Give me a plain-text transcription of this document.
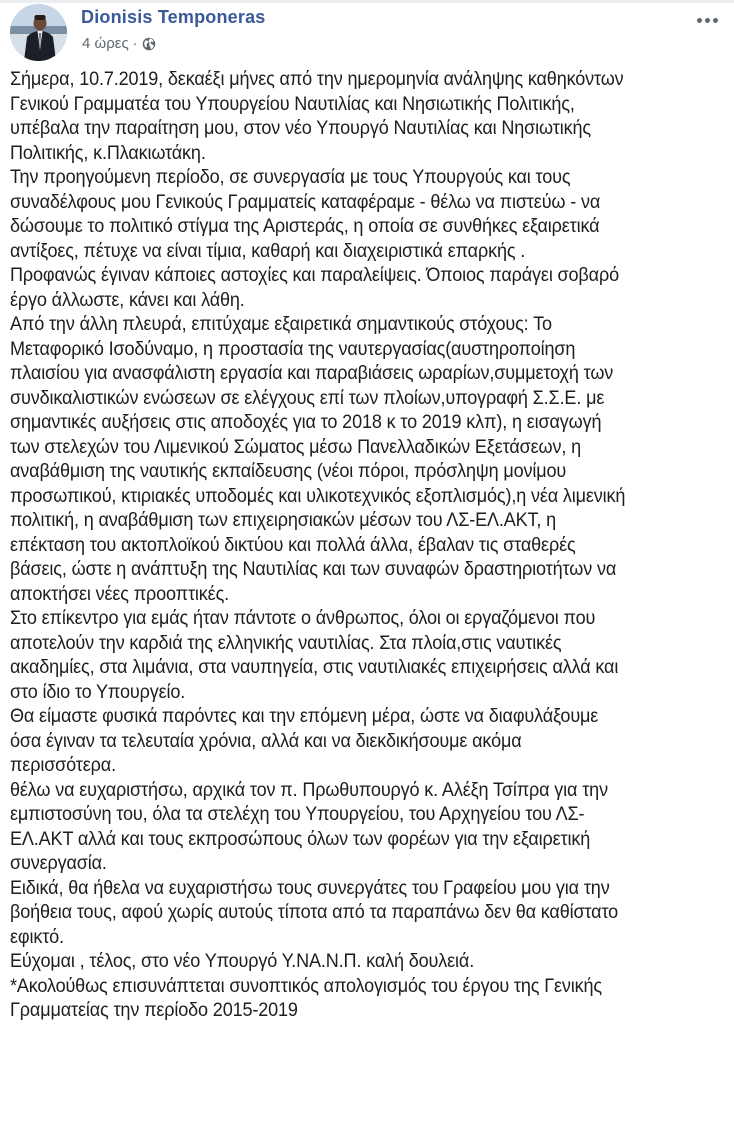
Dionisis Temponeras
4 ώρες ·
Σήμερα, 10.7.2019, δεκαέξι μήνες από την ημερομηνία ανάληψης καθηκόντων
Γενικού Γραμματέα του Υπουργείου Ναυτιλίας και Νησιωτικής Πολιτικής,
υπέβαλα την παραίτηση μου, στον νέο Υπουργό Ναυτιλίας και Νησιωτικής
Πολιτικής, κ.Πλακιωτάκη.
Την προηγούμενη περίοδο, σε συνεργασία με τους Υπουργούς και τους
συναδέλφους μου Γενικούς Γραμματείς καταφέραμε - θέλω να πιστεύω - να
δώσουμε το πολιτικό στίγμα της Αριστεράς, η οποία σε συνθήκες εξαιρετικά
αντίξοες, πέτυχε να είναι τίμια, καθαρή και διαχειριστικά επαρκής .
Προφανώς έγιναν κάποιες αστοχίες και παραλείψεις. Όποιος παράγει σοβαρό
έργο άλλωστε, κάνει και λάθη.
Από την άλλη πλευρά, επιτύχαμε εξαιρετικά σημαντικούς στόχους: Το
Μεταφορικό Ισοδύναμο, η προστασία της ναυτεργασίας(αυστηροποίηση
πλαισίου για ανασφάλιστη εργασία και παραβιάσεις ωραρίων,συμμετοχή των
συνδικαλιστικών ενώσεων σε ελέγχους επί των πλοίων,υπογραφή Σ.Σ.Ε. με
σημαντικές αυξήσεις στις αποδοχές για το 2018 κ το 2019 κλπ), η εισαγωγή
των στελεχών του Λιμενικού Σώματος μέσω Πανελλαδικών Εξετάσεων, η
αναβάθμιση της ναυτικής εκπαίδευσης (νέοι πόροι, πρόσληψη μονίμου
προσωπικού, κτιριακές υποδομές και υλικοτεχνικός εξοπλισμός),η νέα λιμενική
πολιτική, η αναβάθμιση των επιχειρησιακών μέσων του ΛΣ-ΕΛ.ΑΚΤ, η
επέκταση του ακτοπλοϊκού δικτύου και πολλά άλλα, έβαλαν τις σταθερές
βάσεις, ώστε η ανάπτυξη της Ναυτιλίας και των συναφών δραστηριοτήτων να
αποκτήσει νέες προοπτικές.
Στο επίκεντρο για εμάς ήταν πάντοτε ο άνθρωπος, όλοι οι εργαζόμενοι που
αποτελούν την καρδιά της ελληνικής ναυτιλίας. Στα πλοία,στις ναυτικές
ακαδημίες, στα λιμάνια, στα ναυπηγεία, στις ναυτιλιακές επιχειρήσεις αλλά και
στο ίδιο το Υπουργείο.
Θα είμαστε φυσικά παρόντες και την επόμενη μέρα, ώστε να διαφυλάξουμε
όσα έγιναν τα τελευταία χρόνια, αλλά και να διεκδικήσουμε ακόμα
περισσότερα.
θέλω να ευχαριστήσω, αρχικά τον π. Πρωθυπουργό κ. Αλέξη Τσίπρα για την
εμπιστοσύνη του, όλα τα στελέχη του Υπουργείου, του Αρχηγείου του ΛΣ-
ΕΛ.ΑΚΤ αλλά και τους εκπροσώπους όλων των φορέων για την εξαιρετική
συνεργασία.
Ειδικά, θα ήθελα να ευχαριστήσω τους συνεργάτες του Γραφείου μου για την
βοήθεια τους, αφού χωρίς αυτούς τίποτα από τα παραπάνω δεν θα καθίστατο
εφικτό.
Εύχομαι , τέλος, στο νέο Υπουργό Υ.ΝΑ.Ν.Π. καλή δουλειά.
*Ακολούθως επισυνάπτεται συνοπτικός απολογισμός του έργου της Γενικής
Γραμματείας την περίοδο 2015-2019
